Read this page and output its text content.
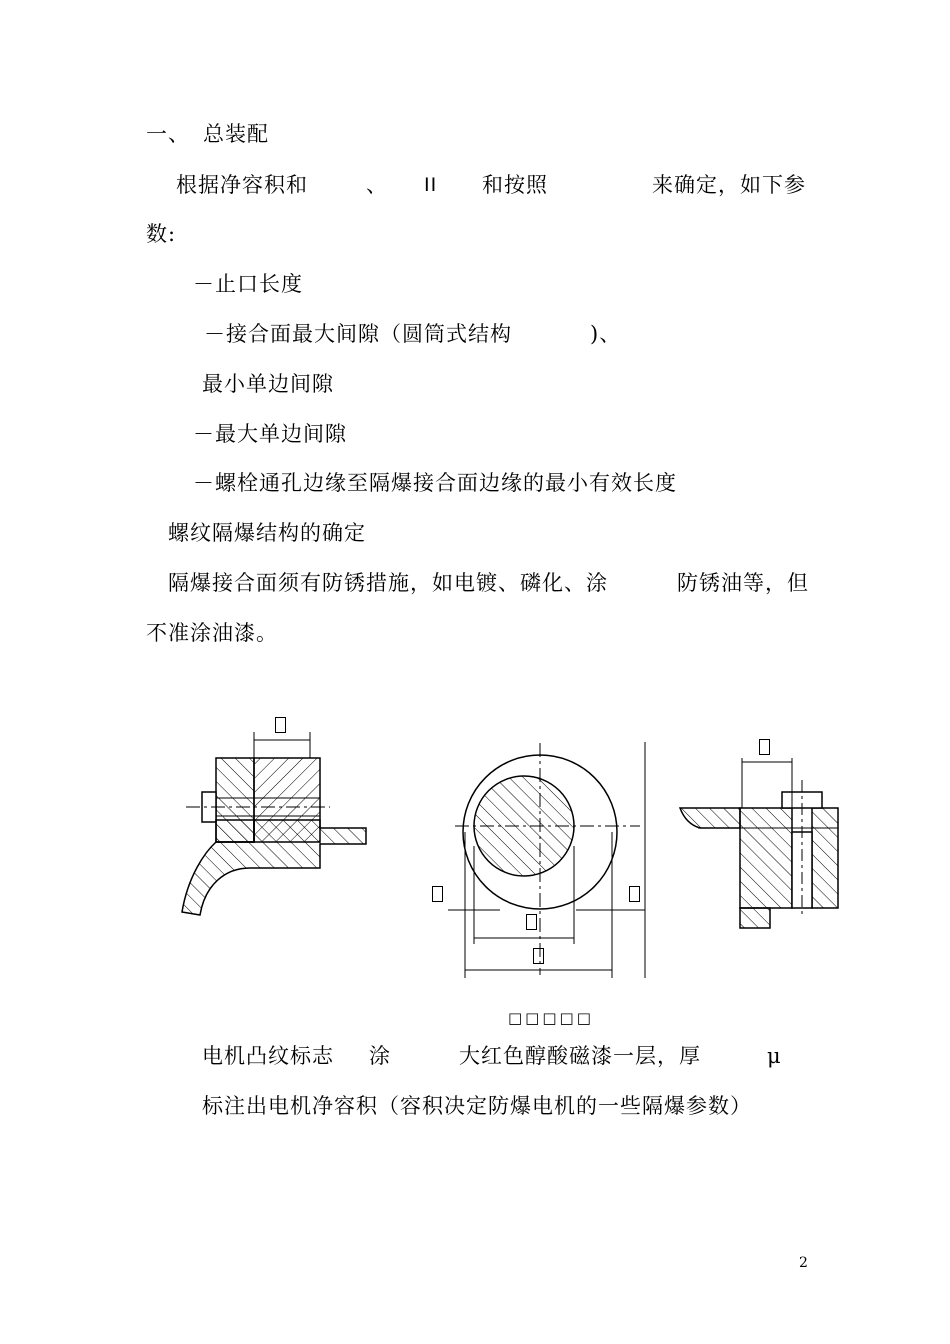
一、 总装配
根据净容积和	、 II 和按照	来确定，如下参
数:
－止口长度
－接合面最大间隙（圆筒式结构	)、
最小单边间隙
－最大单边间隙
－螺栓通孔边缘至隔爆接合面边缘的最小有效长度
螺纹隔爆结构的确定
隔爆接合面须有防锈措施，如电镀、磷化、涂	防锈油等，但
不准涂油漆。
□□□□□
电机凸纹标志 涂	大红色醇酸磁漆一层，厚	μ
标注出电机净容积（容积决定防爆电机的一些隔爆参数）
2
